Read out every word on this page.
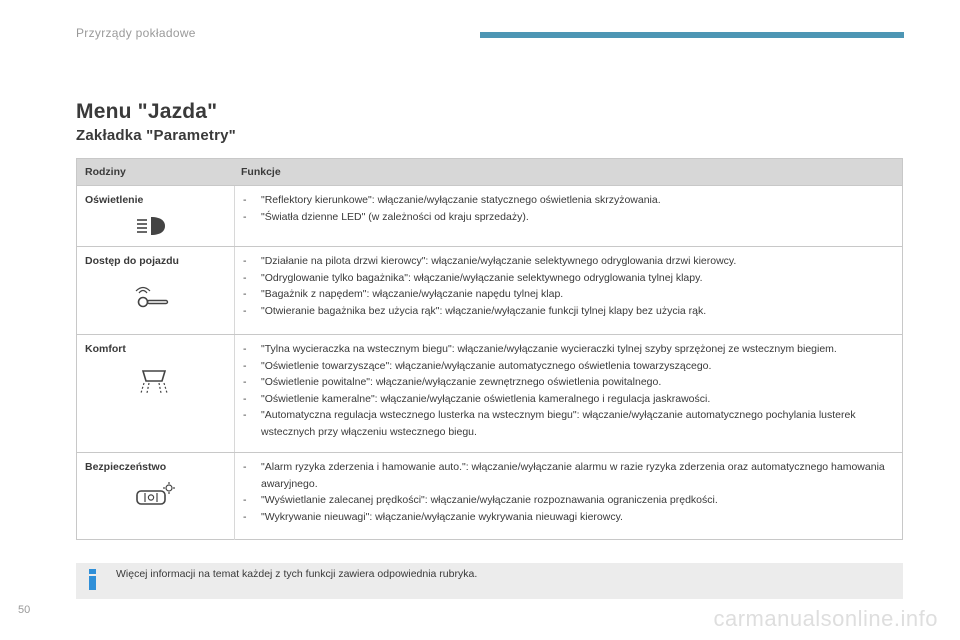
Przyrządy pokładowe
Menu "Jazda"
Zakładka "Parametry"
Rodziny	Funkcje
Oświetlenie	- "Reflektory kierunkowe": włączanie/wyłączanie statycznego oświetlenia skrzyżowania.
- "Światła dzienne LED" (w zależności od kraju sprzedaży).
Dostęp do pojazdu	- "Działanie na pilota drzwi kierowcy": włączanie/wyłączanie selektywnego odryglowania drzwi kierowcy.
- "Odryglowanie tylko bagażnika": włączanie/wyłączanie selektywnego odryglowania tylnej klapy.
- "Bagażnik z napędem": włączanie/wyłączanie napędu tylnej klap.
- "Otwieranie bagażnika bez użycia rąk": włączanie/wyłączanie funkcji tylnej klapy bez użycia rąk.
Komfort	- "Tylna wycieraczka na wstecznym biegu": włączanie/wyłączanie wycieraczki tylnej szyby sprzężonej ze wstecznym biegiem.
- "Oświetlenie towarzyszące": włączanie/wyłączanie automatycznego oświetlenia towarzyszącego.
- "Oświetlenie powitalne": włączanie/wyłączanie zewnętrznego oświetlenia powitalnego.
- "Oświetlenie kameralne": włączanie/wyłączanie oświetlenia kameralnego i regulacja jaskrawości.
- "Automatyczna regulacja wstecznego lusterka na wstecznym biegu": włączanie/wyłączanie automatycznego pochylania lusterek wstecznych przy włączeniu wstecznego biegu.
Bezpieczeństwo	- "Alarm ryzyka zderzenia i hamowanie auto.": włączanie/wyłączanie alarmu w razie ryzyka zderzenia oraz automatycznego hamowania awaryjnego.
- "Wyświetlanie zalecanej prędkości": włączanie/wyłączanie rozpoznawania ograniczenia prędkości.
- "Wykrywanie nieuwagi": włączanie/wyłączanie wykrywania nieuwagi kierowcy.
Więcej informacji na temat każdej z tych funkcji zawiera odpowiednia rubryka.
50	carmanualsonline.info
